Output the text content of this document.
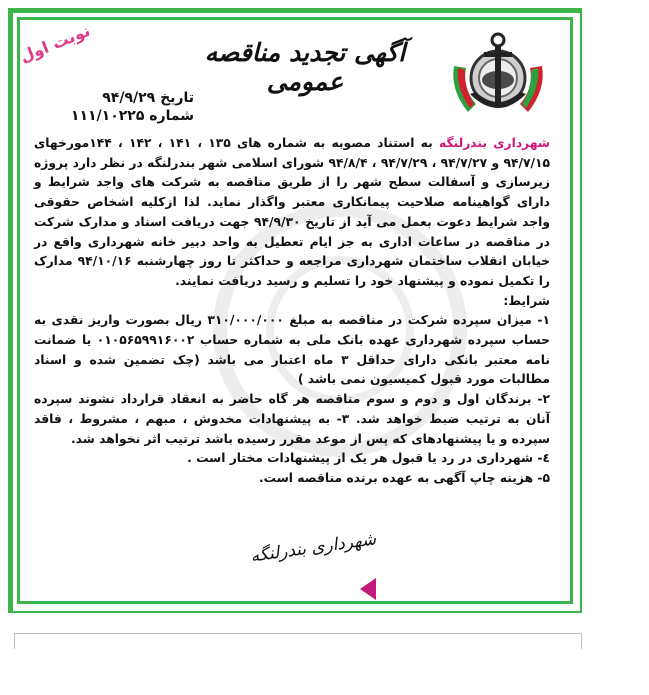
آگهی تجدید مناقصه عمومی
نوبت اول
تاریخ ۹۴/۹/۲۹
شماره ۱۱۱/۱۰۲۲۵

شهرداری بندرلنگه به استناد مصوبه به شماره های ۱۳۵ ، ۱۴۱ ، ۱۴۲ ، ۱۴۴مورخهای ۹۴/۷/۱۵ و ۹۴/۷/۲۷ ، ۹۴/۷/۲۹ ، ۹۴/۸/۴ شورای اسلامی شهر بندرلنگه در نظر دارد پروژه زیرسازی و آسفالت سطح شهر را از طریق مناقصه به شرکت های واجد شرایط و دارای گواهینامه صلاحیت پیمانکاری معتبر واگذار نماید. لذا ازکلیه اشخاص حقوقی واجد شرایط دعوت بعمل می آید از تاریخ ۹۴/۹/۳۰ جهت دریافت اسناد و مدارک شرکت در مناقصه در ساعات اداری به جز ایام تعطیل به واحد دبیر خانه شهرداری واقع در خیابان انقلاب ساختمان شهرداری مراجعه و حداکثر تا روز چهارشنبه ۹۴/۱۰/۱۶ مدارک را تکمیل نموده و پیشنهاد خود را تسلیم و رسید دریافت نمایند.

شرایط:

۱- میزان سپرده شرکت در مناقصه به مبلغ ۳۱۰/۰۰۰/۰۰۰ ریال بصورت واریز نقدی به حساب سپرده شهرداری عهده بانک ملی به شماره حساب ۰۱۰۵۶۵۹۹۱۶۰۰۲ یا ضمانت نامه معتبر بانکی دارای حداقل ۳ ماه اعتبار می باشد (چک تضمین شده و اسناد مطالبات مورد قبول کمیسیون نمی باشد )

۲- برندگان اول و دوم و سوم مناقصه هر گاه حاضر به انعقاد قرارداد نشوند سپرده آنان به ترتیب ضبط خواهد شد. ۳- به پیشنهادات مخدوش ، مبهم ، مشروط ، فاقد سپرده و یا پیشنهادهای که پس از موعد مقرر رسیده باشد ترتیب اثر نخواهد شد.

٤- شهرداری در رد یا قبول هر یک از پیشنهادات مختار است .

۵- هزینه چاپ آگهی به عهده برنده مناقصه است.

شهرداری بندرلنگه
